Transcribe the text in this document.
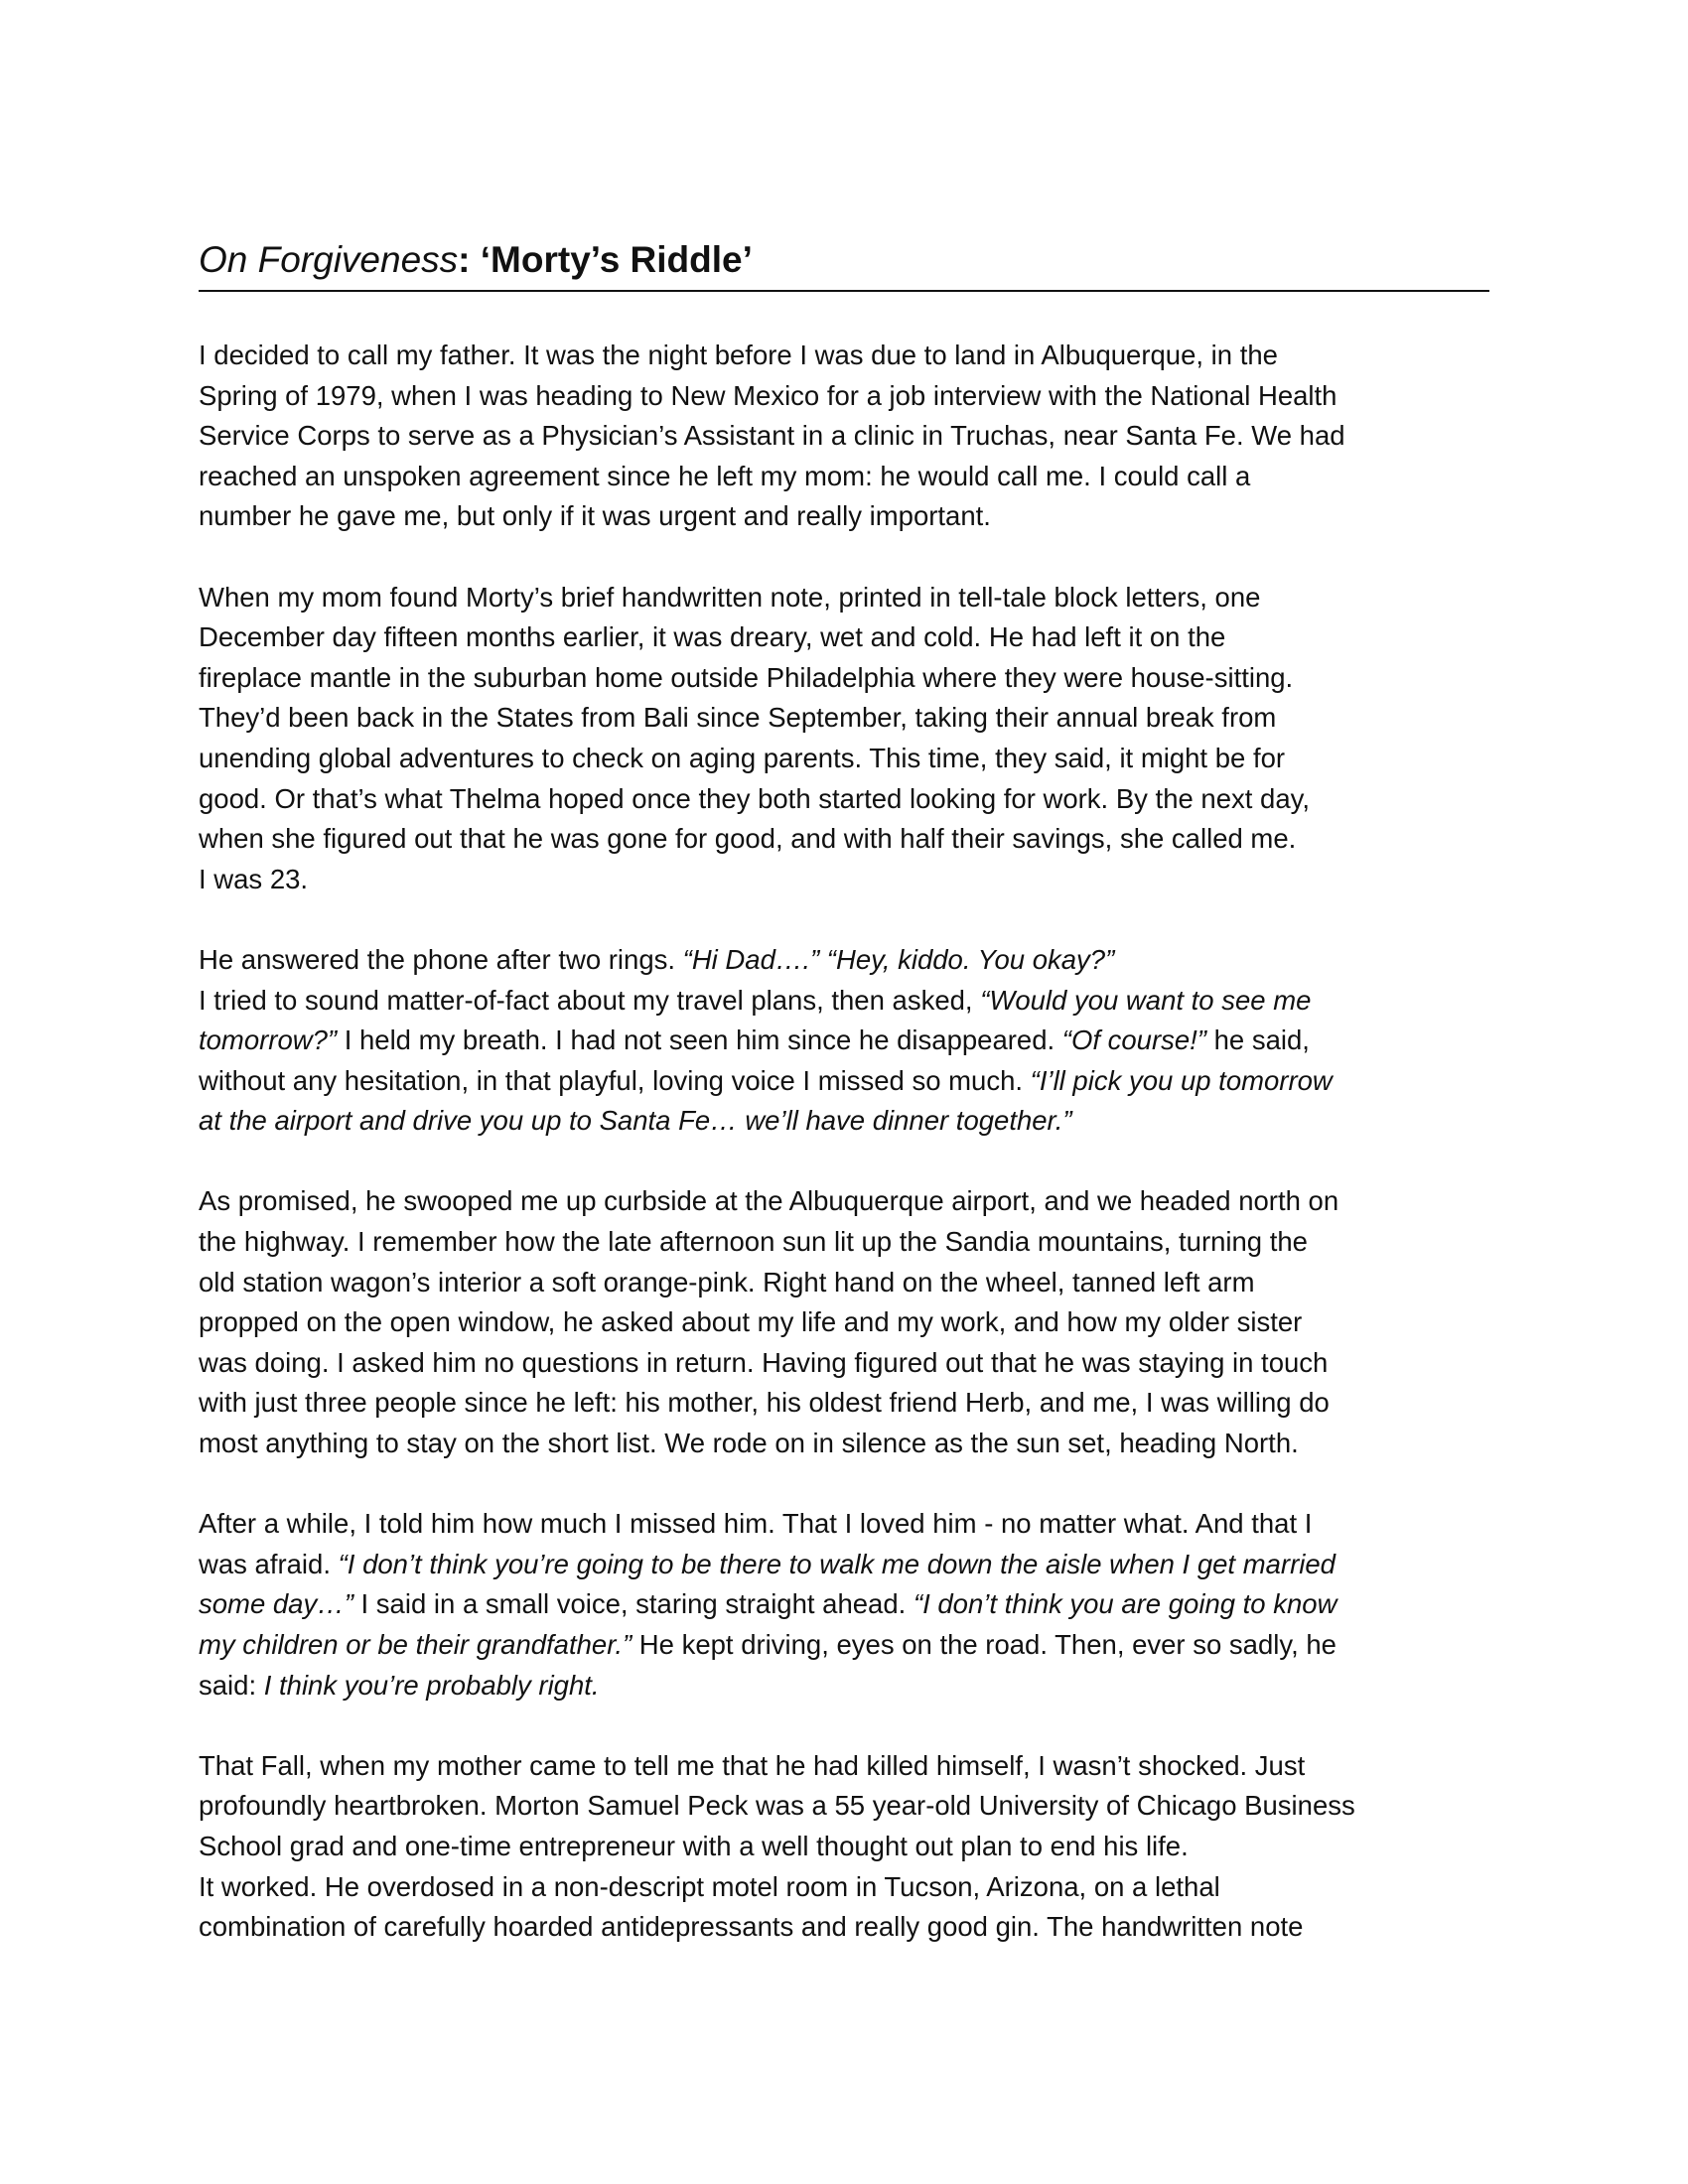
On Forgiveness: ‘Morty’s Riddle’

I decided to call my father. It was the night before I was due to land in Albuquerque, in the
Spring of 1979, when I was heading to New Mexico for a job interview with the National Health
Service Corps to serve as a Physician’s Assistant in a clinic in Truchas, near Santa Fe. We had
reached an unspoken agreement since he left my mom: he would call me. I could call a
number he gave me, but only if it was urgent and really important.

When my mom found Morty’s brief handwritten note, printed in tell-tale block letters, one
December day fifteen months earlier, it was dreary, wet and cold. He had left it on the
fireplace mantle in the suburban home outside Philadelphia where they were house-sitting.
They’d been back in the States from Bali since September, taking their annual break from
unending global adventures to check on aging parents. This time, they said, it might be for
good. Or that’s what Thelma hoped once they both started looking for work. By the next day,
when she figured out that he was gone for good, and with half their savings, she called me.
I was 23.

He answered the phone after two rings. “Hi Dad….” “Hey, kiddo. You okay?”
I tried to sound matter-of-fact about my travel plans, then asked, “Would you want to see me
tomorrow?” I held my breath. I had not seen him since he disappeared. “Of course!” he said,
without any hesitation, in that playful, loving voice I missed so much. “I’ll pick you up tomorrow
at the airport and drive you up to Santa Fe… we’ll have dinner together.”

As promised, he swooped me up curbside at the Albuquerque airport, and we headed north on
the highway. I remember how the late afternoon sun lit up the Sandia mountains, turning the
old station wagon’s interior a soft orange-pink. Right hand on the wheel, tanned left arm
propped on the open window, he asked about my life and my work, and how my older sister
was doing. I asked him no questions in return. Having figured out that he was staying in touch
with just three people since he left: his mother, his oldest friend Herb, and me, I was willing do
most anything to stay on the short list. We rode on in silence as the sun set, heading North.

After a while, I told him how much I missed him. That I loved him - no matter what. And that I
was afraid. “I don’t think you’re going to be there to walk me down the aisle when I get married
some day…” I said in a small voice, staring straight ahead. “I don’t think you are going to know
my children or be their grandfather.” He kept driving, eyes on the road. Then, ever so sadly, he
said: I think you’re probably right.

That Fall, when my mother came to tell me that he had killed himself, I wasn’t shocked. Just
profoundly heartbroken. Morton Samuel Peck was a 55 year-old University of Chicago Business
School grad and one-time entrepreneur with a well thought out plan to end his life.
It worked. He overdosed in a non-descript motel room in Tucson, Arizona, on a lethal
combination of carefully hoarded antidepressants and really good gin. The handwritten note
